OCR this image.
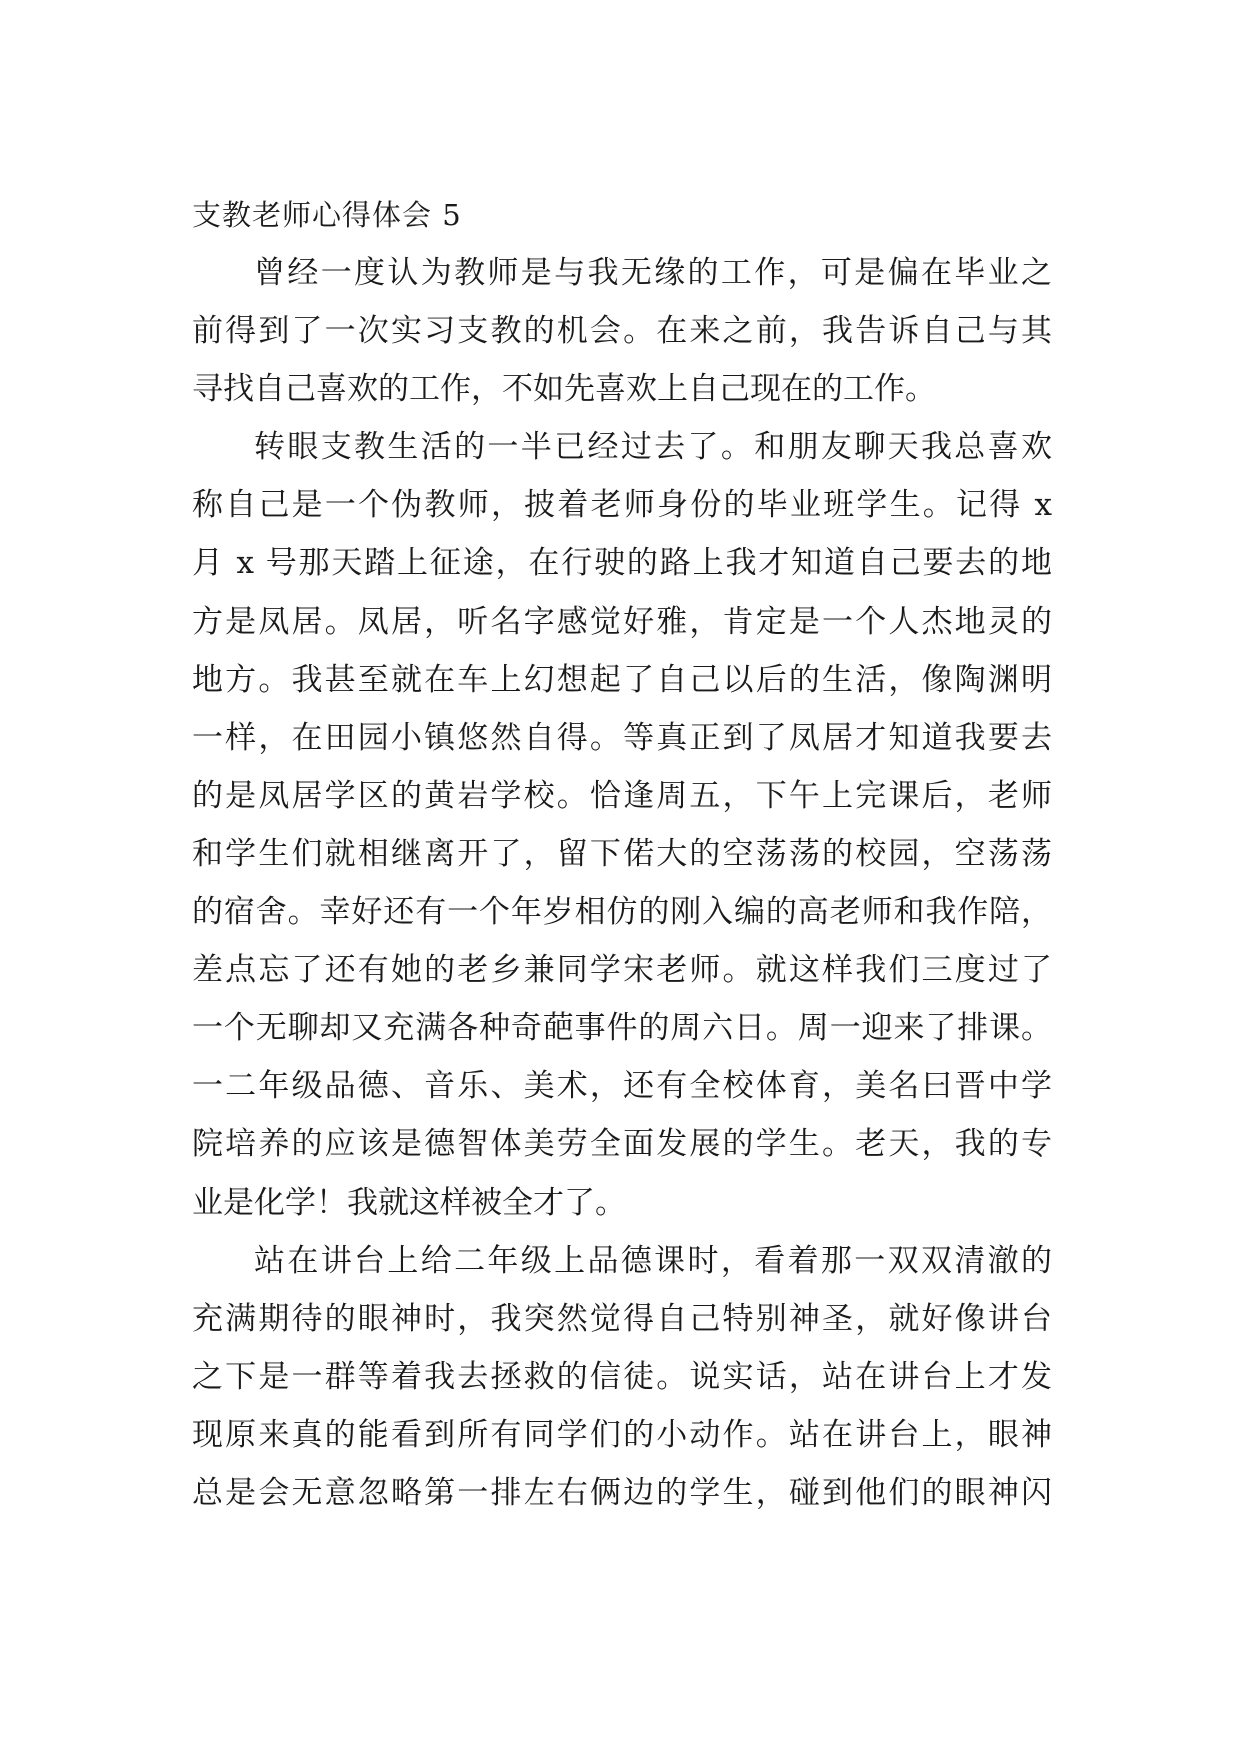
支教老师心得体会 5
曾经一度认为教师是与我无缘的工作，可是偏在毕业之
前得到了一次实习支教的机会。在来之前，我告诉自己与其
寻找自己喜欢的工作，不如先喜欢上自己现在的工作。
转眼支教生活的一半已经过去了。和朋友聊天我总喜欢
称自己是一个伪教师，披着老师身份的毕业班学生。记得 x
月 x 号那天踏上征途，在行驶的路上我才知道自己要去的地
方是凤居。凤居，听名字感觉好雅，肯定是一个人杰地灵的
地方。我甚至就在车上幻想起了自己以后的生活，像陶渊明
一样，在田园小镇悠然自得。等真正到了凤居才知道我要去
的是凤居学区的黄岩学校。恰逢周五，下午上完课后，老师
和学生们就相继离开了，留下偌大的空荡荡的校园，空荡荡
的宿舍。幸好还有一个年岁相仿的刚入编的高老师和我作陪，
差点忘了还有她的老乡兼同学宋老师。就这样我们三度过了
一个无聊却又充满各种奇葩事件的周六日。周一迎来了排课。
一二年级品德、音乐、美术，还有全校体育，美名曰晋中学
院培养的应该是德智体美劳全面发展的学生。老天，我的专
业是化学！我就这样被全才了。
站在讲台上给二年级上品德课时，看着那一双双清澈的
充满期待的眼神时，我突然觉得自己特别神圣，就好像讲台
之下是一群等着我去拯救的信徒。说实话，站在讲台上才发
现原来真的能看到所有同学们的小动作。站在讲台上，眼神
总是会无意忽略第一排左右俩边的学生，碰到他们的眼神闪
